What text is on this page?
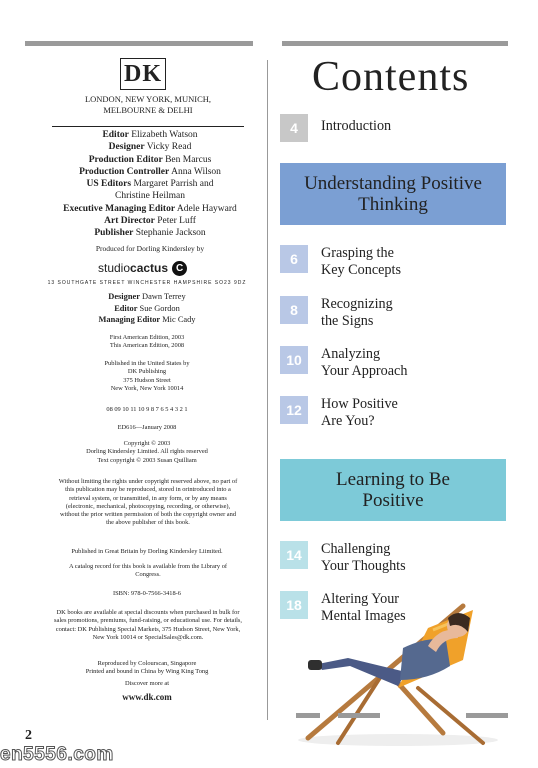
DK
LONDON, NEW YORK, MUNICH, MELBOURNE & DELHI
Editor Elizabeth Watson
Designer Vicky Read
Production Editor Ben Marcus
Production Controller Anna Wilson
US Editors Margaret Parrish and Christine Heilman
Executive Managing Editor Adele Hayward
Art Director Peter Luff
Publisher Stephanie Jackson
Produced for Dorling Kindersley by
studiocactus C
13 SOUTHGATE STREET WINCHESTER HAMPSHIRE SO23 9DZ
Designer Dawn Terrey
Editor Sue Gordon
Managing Editor Mic Cady
First American Edition, 2003
This American Edition, 2008
Published in the United States by
DK Publishing
375 Hudson Street
New York, New York 10014
08 09 10 11 10 9 8 7 6 5 4 3 2 1
ED616—January 2008
Copyright © 2003
Dorling Kindersley Limited. All rights reserved
Text copyright © 2003 Susan Quilliam
Without limiting the rights under copyright reserved above, no part of this publication may be reproduced, stored in orintroduced into a retrieval system, or transmitted, in any form, or by any means (electronic, mechanical, photocopying, recording, or otherwise), without the prior written permission of both the copyright owner and the above publisher of this book.
Published in Great Britain by Dorling Kindersley Liimited.
A catalog record for this book is available from the Library of Congress.
ISBN: 978-0-7566-3418-6
DK books are available at special discounts when purchased in bulk for sales promotions, premiums, fund-raising, or educational use. For details, contact: DK Publishing Special Markets, 375 Hudson Street, New York, New York 10014 or SpecialSales@dk.com.
Reproduced by Colourscan, Singapore
Printed and bound in China by Wing King Tong
Discover more at
www.dk.com
2
en5556.com
Contents
4	Introduction
Understanding Positive Thinking
6	Grasping the
Key Concepts
8	Recognizing
the Signs
10	Analyzing
Your Approach
12	How Positive
Are You?
Learning to Be Positive
14	Challenging
Your Thoughts
18	Altering Your
Mental Images
